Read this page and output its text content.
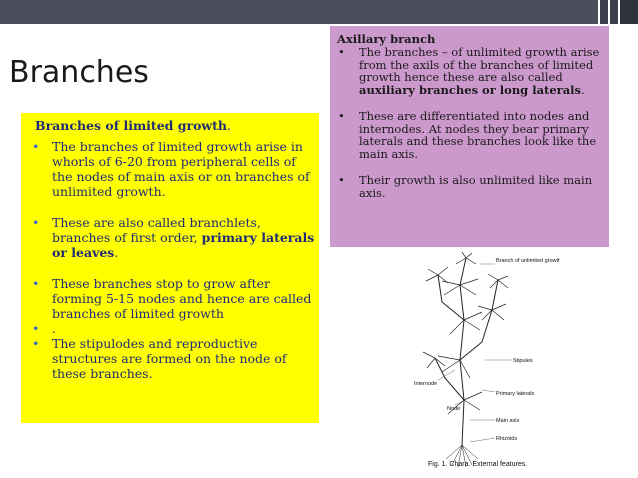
Branches
Branches of limited growth.
• The branches of limited growth arise in whorls of 6-20 from peripheral cells of the nodes of main axis or on branches of unlimited growth.
• These are also called branchlets, branches of first order, primary laterals or leaves.
• These branches stop to grow after forming 5-15 nodes and hence are called branches of limited growth
• .
• The stipulodes and reproductive structures are formed on the node of these branches.
Axillary branch
• The branches – of unlimited growth arise from the axils of the branches of limited growth hence these are also called auxiliary branches or long laterals.
• These are differentiated into nodes and internodes. At nodes they bear primary laterals and these branches look like the main axis.
• Their growth is also unlimited like main axis.
Branch of unlimited growth
Stipules
Internode
Primary laterals
Node
Main axis
Rhizoids
Fig. 1. Chara. External features.
